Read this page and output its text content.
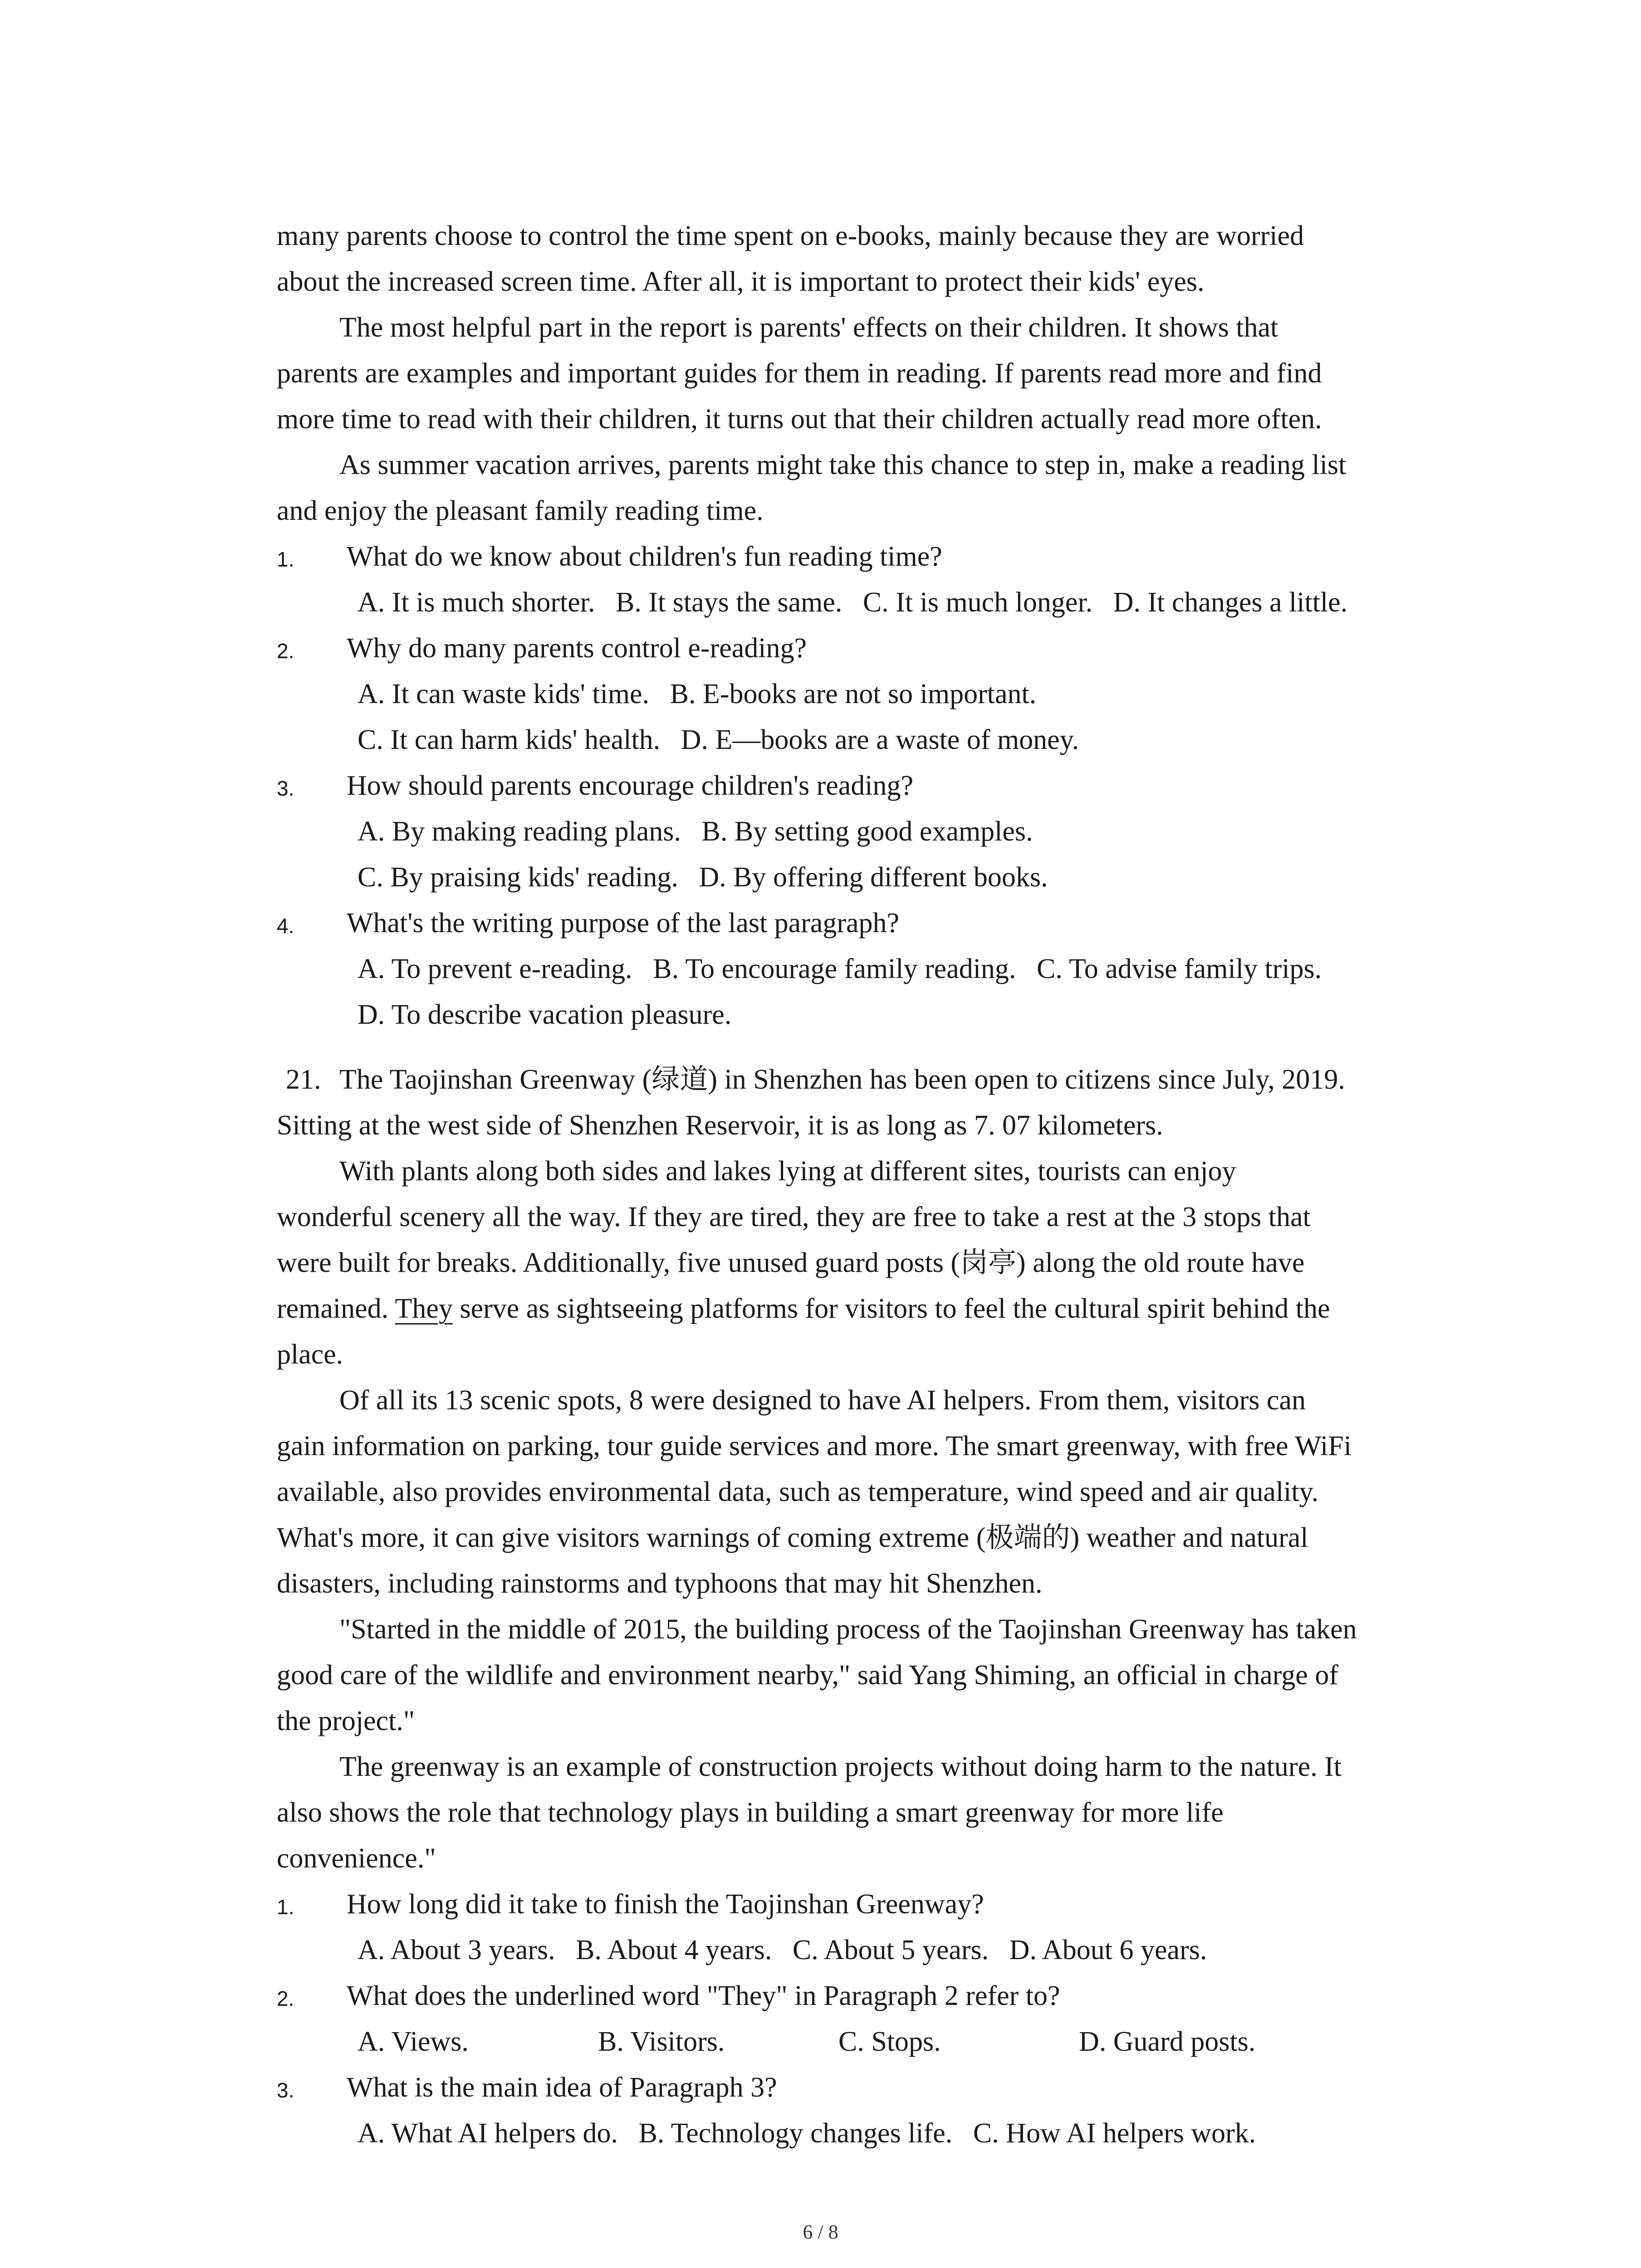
many parents choose to control the time spent on e-books, mainly because they are worried
about the increased screen time. After all, it is important to protect their kids' eyes.
The most helpful part in the report is parents' effects on their children. It shows that
parents are examples and important guides for them in reading. If parents read more and find
more time to read with their children, it turns out that their children actually read more often.
As summer vacation arrives, parents might take this chance to step in, make a reading list
and enjoy the pleasant family reading time.
1. What do we know about children's fun reading time?
A. It is much shorter. B. It stays the same. C. It is much longer. D. It changes a little.
2. Why do many parents control e-reading?
A. It can waste kids' time. B. E-books are not so important.
C. It can harm kids' health. D. E—books are a waste of money.
3. How should parents encourage children's reading?
A. By making reading plans. B. By setting good examples.
C. By praising kids' reading. D. By offering different books.
4. What's the writing purpose of the last paragraph?
A. To prevent e-reading. B. To encourage family reading. C. To advise family trips.
D. To describe vacation pleasure.
21. The Taojinshan Greenway (绿道) in Shenzhen has been open to citizens since July, 2019.
Sitting at the west side of Shenzhen Reservoir, it is as long as 7. 07 kilometers.
With plants along both sides and lakes lying at different sites, tourists can enjoy
wonderful scenery all the way. If they are tired, they are free to take a rest at the 3 stops that
were built for breaks. Additionally, five unused guard posts (岗亭) along the old route have
remained. They serve as sightseeing platforms for visitors to feel the cultural spirit behind the
place.
Of all its 13 scenic spots, 8 were designed to have AI helpers. From them, visitors can
gain information on parking, tour guide services and more. The smart greenway, with free WiFi
available, also provides environmental data, such as temperature, wind speed and air quality.
What's more, it can give visitors warnings of coming extreme (极端的) weather and natural
disasters, including rainstorms and typhoons that may hit Shenzhen.
"Started in the middle of 2015, the building process of the Taojinshan Greenway has taken
good care of the wildlife and environment nearby," said Yang Shiming, an official in charge of
the project."
The greenway is an example of construction projects without doing harm to the nature. It
also shows the role that technology plays in building a smart greenway for more life
convenience."
1. How long did it take to finish the Taojinshan Greenway?
A. About 3 years. B. About 4 years. C. About 5 years. D. About 6 years.
2. What does the underlined word "They" in Paragraph 2 refer to?
A. Views.	B. Visitors.	C. Stops.	D. Guard posts.
3. What is the main idea of Paragraph 3?
A. What AI helpers do. B. Technology changes life. C. How AI helpers work.
6 / 8
